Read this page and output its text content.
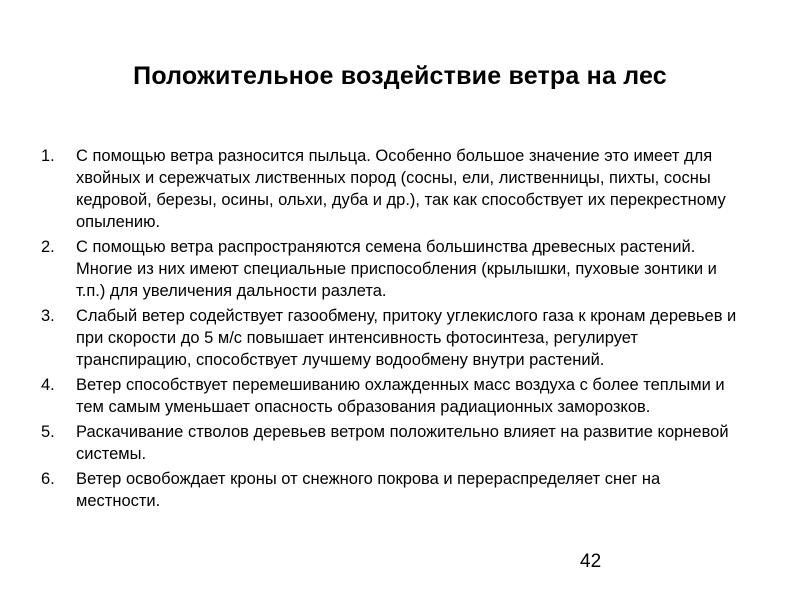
Положительное воздействие ветра на лес
1. С помощью ветра разносится пыльца. Особенно большое значение это имеет для хвойных и сережчатых лиственных пород (сосны, ели, лиственницы, пихты, сосны кедровой, березы, осины, ольхи, дуба и др.), так как способствует их перекрестному опылению.
2. С помощью ветра распространяются семена большинства древесных растений. Многие из них имеют специальные приспособления (крылышки, пуховые зонтики и т.п.) для увеличения дальности разлета.
3. Слабый ветер содействует газообмену, притоку углекислого газа к кронам деревьев и при скорости до 5 м/с повышает интенсивность фотосинтеза, регулирует транспирацию, способствует лучшему водообмену внутри растений.
4. Ветер способствует перемешиванию охлажденных масс воздуха с более теплыми и тем самым уменьшает опасность образования радиационных заморозков.
5. Раскачивание стволов деревьев ветром положительно влияет на развитие корневой системы.
6. Ветер освобождает кроны от снежного покрова и перераспределяет снег на местности.
42
